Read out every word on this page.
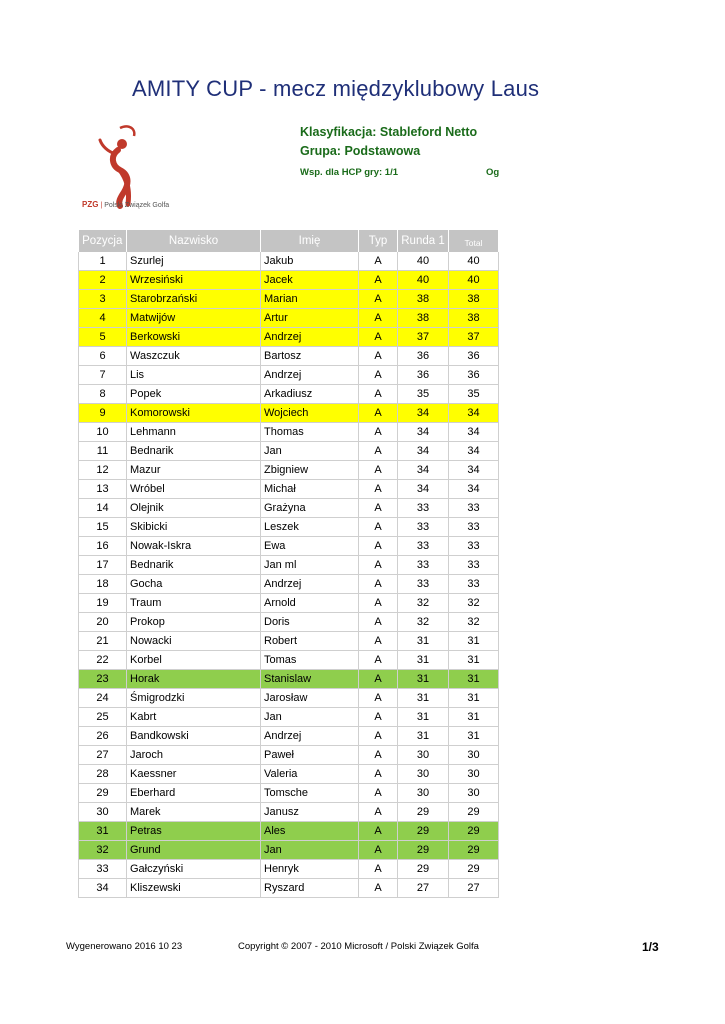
AMITY CUP - mecz międzyklubowy Laus
PZG | Polski Związek Golfa
Klasyfikacja: Stableford Netto
Grupa: Podstawowa
Wsp. dla HCP gry: 1/1	Og
Pozycja	Nazwisko	Imię	Typ	Runda 1	Total
1	Szurlej	Jakub	A	40	40
2	Wrzesiński	Jacek	A	40	40
3	Starobrzański	Marian	A	38	38
4	Matwijów	Artur	A	38	38
5	Berkowski	Andrzej	A	37	37
6	Waszczuk	Bartosz	A	36	36
7	Lis	Andrzej	A	36	36
8	Popek	Arkadiusz	A	35	35
9	Komorowski	Wojciech	A	34	34
10	Lehmann	Thomas	A	34	34
11	Bednarik	Jan	A	34	34
12	Mazur	Zbigniew	A	34	34
13	Wróbel	Michał	A	34	34
14	Olejnik	Grażyna	A	33	33
15	Skibicki	Leszek	A	33	33
16	Nowak-Iskra	Ewa	A	33	33
17	Bednarik	Jan ml	A	33	33
18	Gocha	Andrzej	A	33	33
19	Traum	Arnold	A	32	32
20	Prokop	Doris	A	32	32
21	Nowacki	Robert	A	31	31
22	Korbel	Tomas	A	31	31
23	Horak	Stanislaw	A	31	31
24	Śmigrodzki	Jarosław	A	31	31
25	Kabrt	Jan	A	31	31
26	Bandkowski	Andrzej	A	31	31
27	Jaroch	Paweł	A	30	30
28	Kaessner	Valeria	A	30	30
29	Eberhard	Tomsche	A	30	30
30	Marek	Janusz	A	29	29
31	Petras	Ales	A	29	29
32	Grund	Jan	A	29	29
33	Gałczyński	Henryk	A	29	29
34	Kliszewski	Ryszard	A	27	27
Wygenerowano 2016 10 23	Copyright © 2007 - 2010 Microsoft / Polski Związek Golfa	1/3
